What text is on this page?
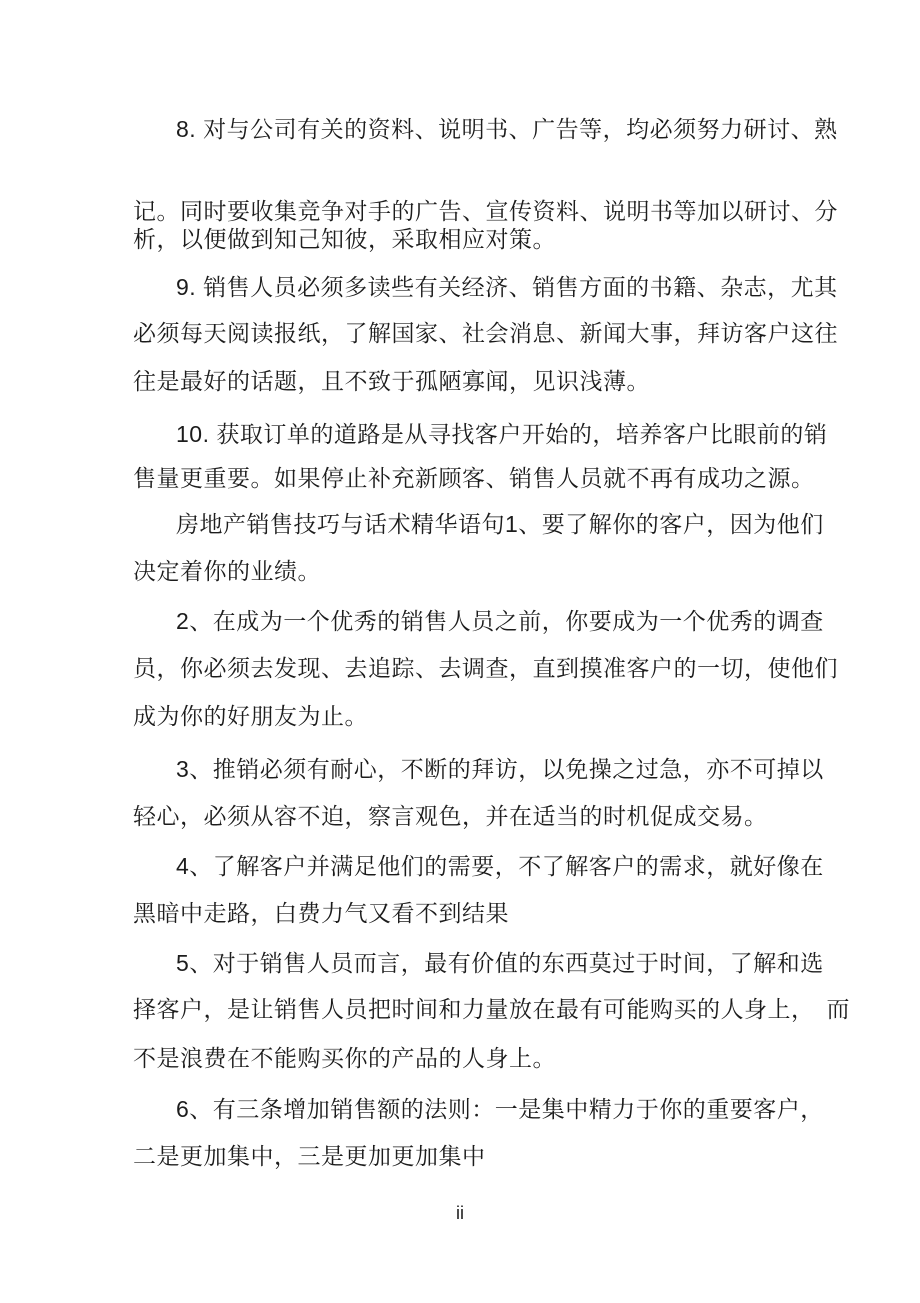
8. 对与公司有关的资料、说明书、广告等，均必须努力研讨、熟
记。同时要收集竞争对手的广告、宣传资料、说明书等加以研讨、分
析，以便做到知己知彼，采取相应对策。
9. 销售人员必须多读些有关经济、销售方面的书籍、杂志，尤其
必须每天阅读报纸，了解国家、社会消息、新闻大事，拜访客户这往
往是最好的话题，且不致于孤陋寡闻，见识浅薄。
10. 获取订单的道路是从寻找客户开始的，培养客户比眼前的销
售量更重要。如果停止补充新顾客、销售人员就不再有成功之源。
房地产销售技巧与话术精华语句1、要了解你的客户，因为他们
决定着你的业绩。
2、在成为一个优秀的销售人员之前，你要成为一个优秀的调查
员，你必须去发现、去追踪、去调查，直到摸准客户的一切，使他们
成为你的好朋友为止。
3、推销必须有耐心，不断的拜访，以免操之过急，亦不可掉以
轻心，必须从容不迫，察言观色，并在适当的时机促成交易。
4、了解客户并满足他们的需要，不了解客户的需求，就好像在
黑暗中走路，白费力气又看不到结果
5、对于销售人员而言，最有价值的东西莫过于时间，了解和选
择客户，是让销售人员把时间和力量放在最有可能购买的人身上，　而
不是浪费在不能购买你的产品的人身上。
6、有三条增加销售额的法则：一是集中精力于你的重要客户，
二是更加集中，三是更加更加集中
ii
